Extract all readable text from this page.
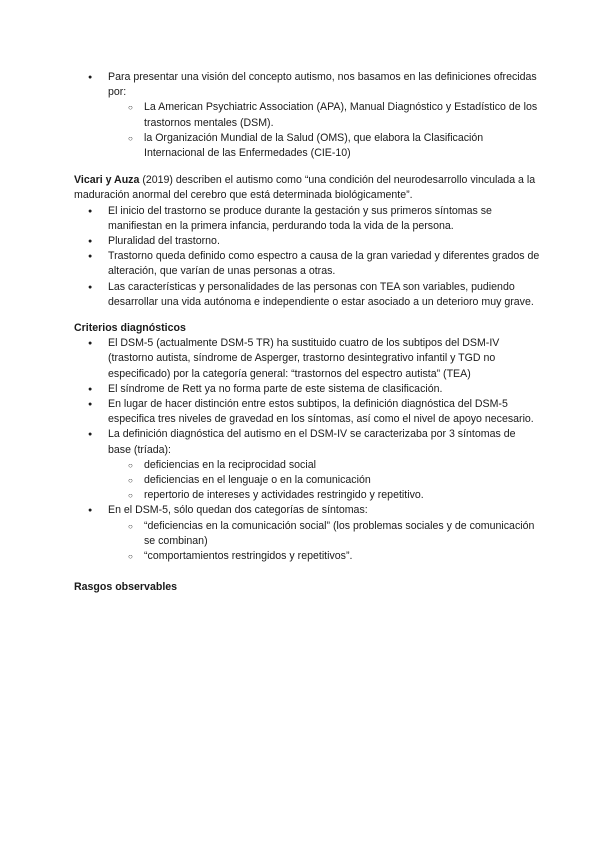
● Para presentar una visión del concepto autismo, nos basamos en las definiciones ofrecidas por:
○ La American Psychiatric Association (APA), Manual Diagnóstico y Estadístico de los trastornos mentales (DSM).
○ la Organización Mundial de la Salud (OMS), que elabora la Clasificación Internacional de las Enfermedades (CIE-10)

Vicari y Auza (2019) describen el autismo como “una condición del neurodesarrollo vinculada a la maduración anormal del cerebro que está determinada biológicamente”.

● El inicio del trastorno se produce durante la gestación y sus primeros síntomas se manifiestan en la primera infancia, perdurando toda la vida de la persona.
● Pluralidad del trastorno.
● Trastorno queda definido como espectro a causa de la gran variedad y diferentes grados de alteración, que varían de unas personas a otras.
● Las características y personalidades de las personas con TEA son variables, pudiendo desarrollar una vida autónoma e independiente o estar asociado a un deterioro muy grave.
Criterios diagnósticos
● El DSM-5 (actualmente DSM-5 TR) ha sustituido cuatro de los subtipos del DSM-IV (trastorno autista, síndrome de Asperger, trastorno desintegrativo infantil y TGD no especificado) por la categoría general: “trastornos del espectro autista” (TEA)
● El síndrome de Rett ya no forma parte de este sistema de clasificación.
● En lugar de hacer distinción entre estos subtipos, la definición diagnóstica del DSM-5 especifica tres niveles de gravedad en los síntomas, así como el nivel de apoyo necesario.
● La definición diagnóstica del autismo en el DSM-IV se caracterizaba por 3 síntomas de base (tríada):
○ deficiencias en la reciprocidad social
○ deficiencias en el lenguaje o en la comunicación
○ repertorio de intereses y actividades restringido y repetitivo.
● En el DSM-5, sólo quedan dos categorías de síntomas:
○ “deficiencias en la comunicación social” (los problemas sociales y de comunicación se combinan)
○ “comportamientos restringidos y repetitivos”.
Rasgos observables
